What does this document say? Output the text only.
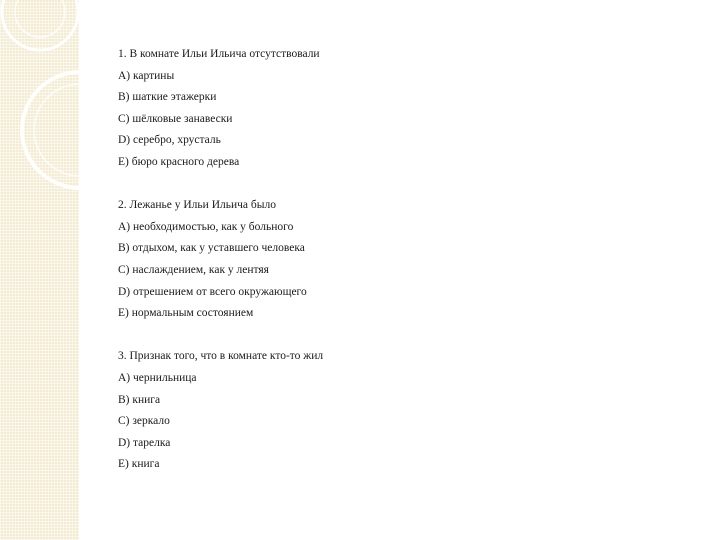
1. В комнате Ильи Ильича отсутствовали
A) картины
B) шаткие этажерки
C) шёлковые занавески
D) серебро, хрусталь
E) бюро красного дерева
2. Лежанье у Ильи Ильича было
A) необходимостью, как у больного
B) отдыхом, как у уставшего человека
C) наслаждением, как у лентяя
D) отрешением от всего окружающего
E) нормальным состоянием
3. Признак того, что в комнате кто-то жил
A) чернильница
B) книга
C) зеркало
D) тарелка
E) книга
